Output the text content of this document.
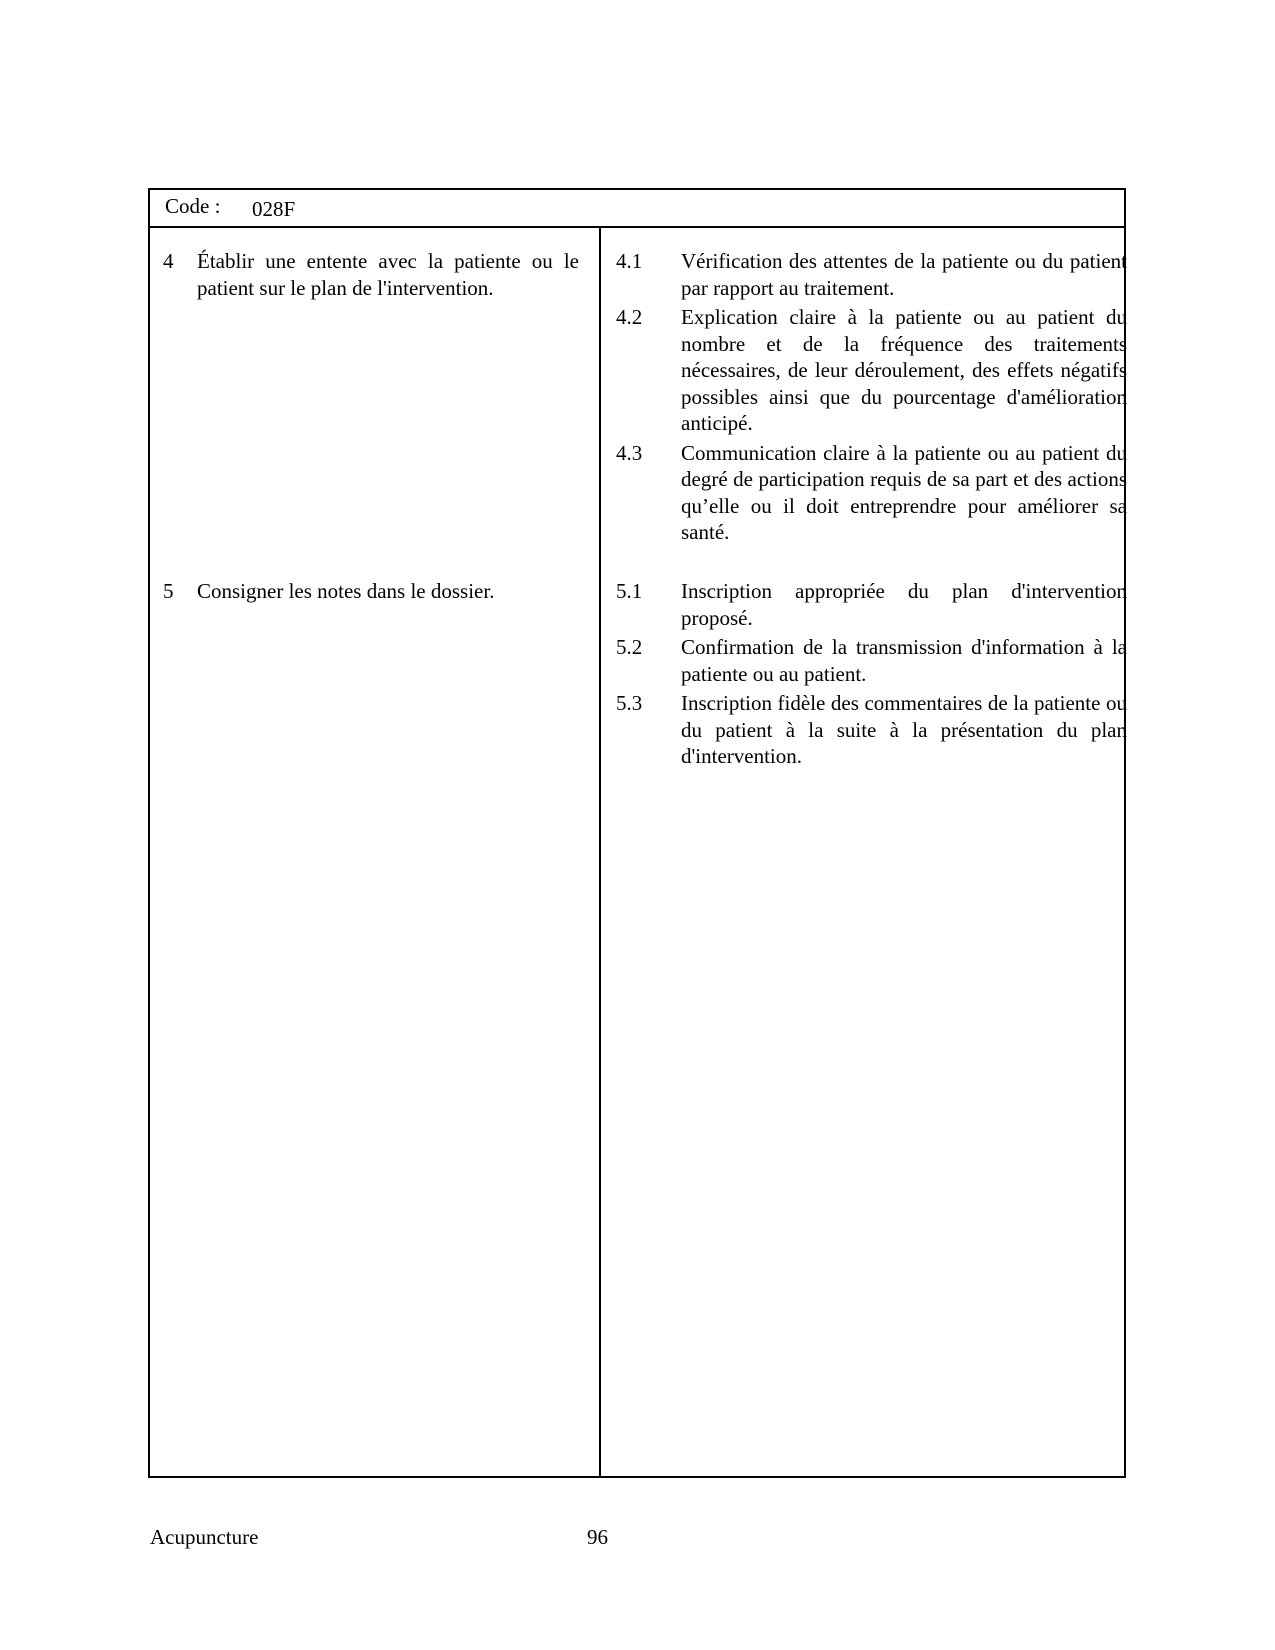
Code : 028F
4 Établir une entente avec la patiente ou le patient sur le plan de l'intervention.
5 Consigner les notes dans le dossier.
4.1 Vérification des attentes de la patiente ou du patient par rapport au traitement.
4.2 Explication claire à la patiente ou au patient du nombre et de la fréquence des traitements nécessaires, de leur déroulement, des effets négatifs possibles ainsi que du pourcentage d'amélioration anticipé.
4.3 Communication claire à la patiente ou au patient du degré de participation requis de sa part et des actions qu’elle ou il doit entreprendre pour améliorer sa santé.
5.1 Inscription appropriée du plan d'intervention proposé.
5.2 Confirmation de la transmission d'information à la patiente ou au patient.
5.3 Inscription fidèle des commentaires de la patiente ou du patient à la suite à la présentation du plan d'intervention.
Acupuncture	96
